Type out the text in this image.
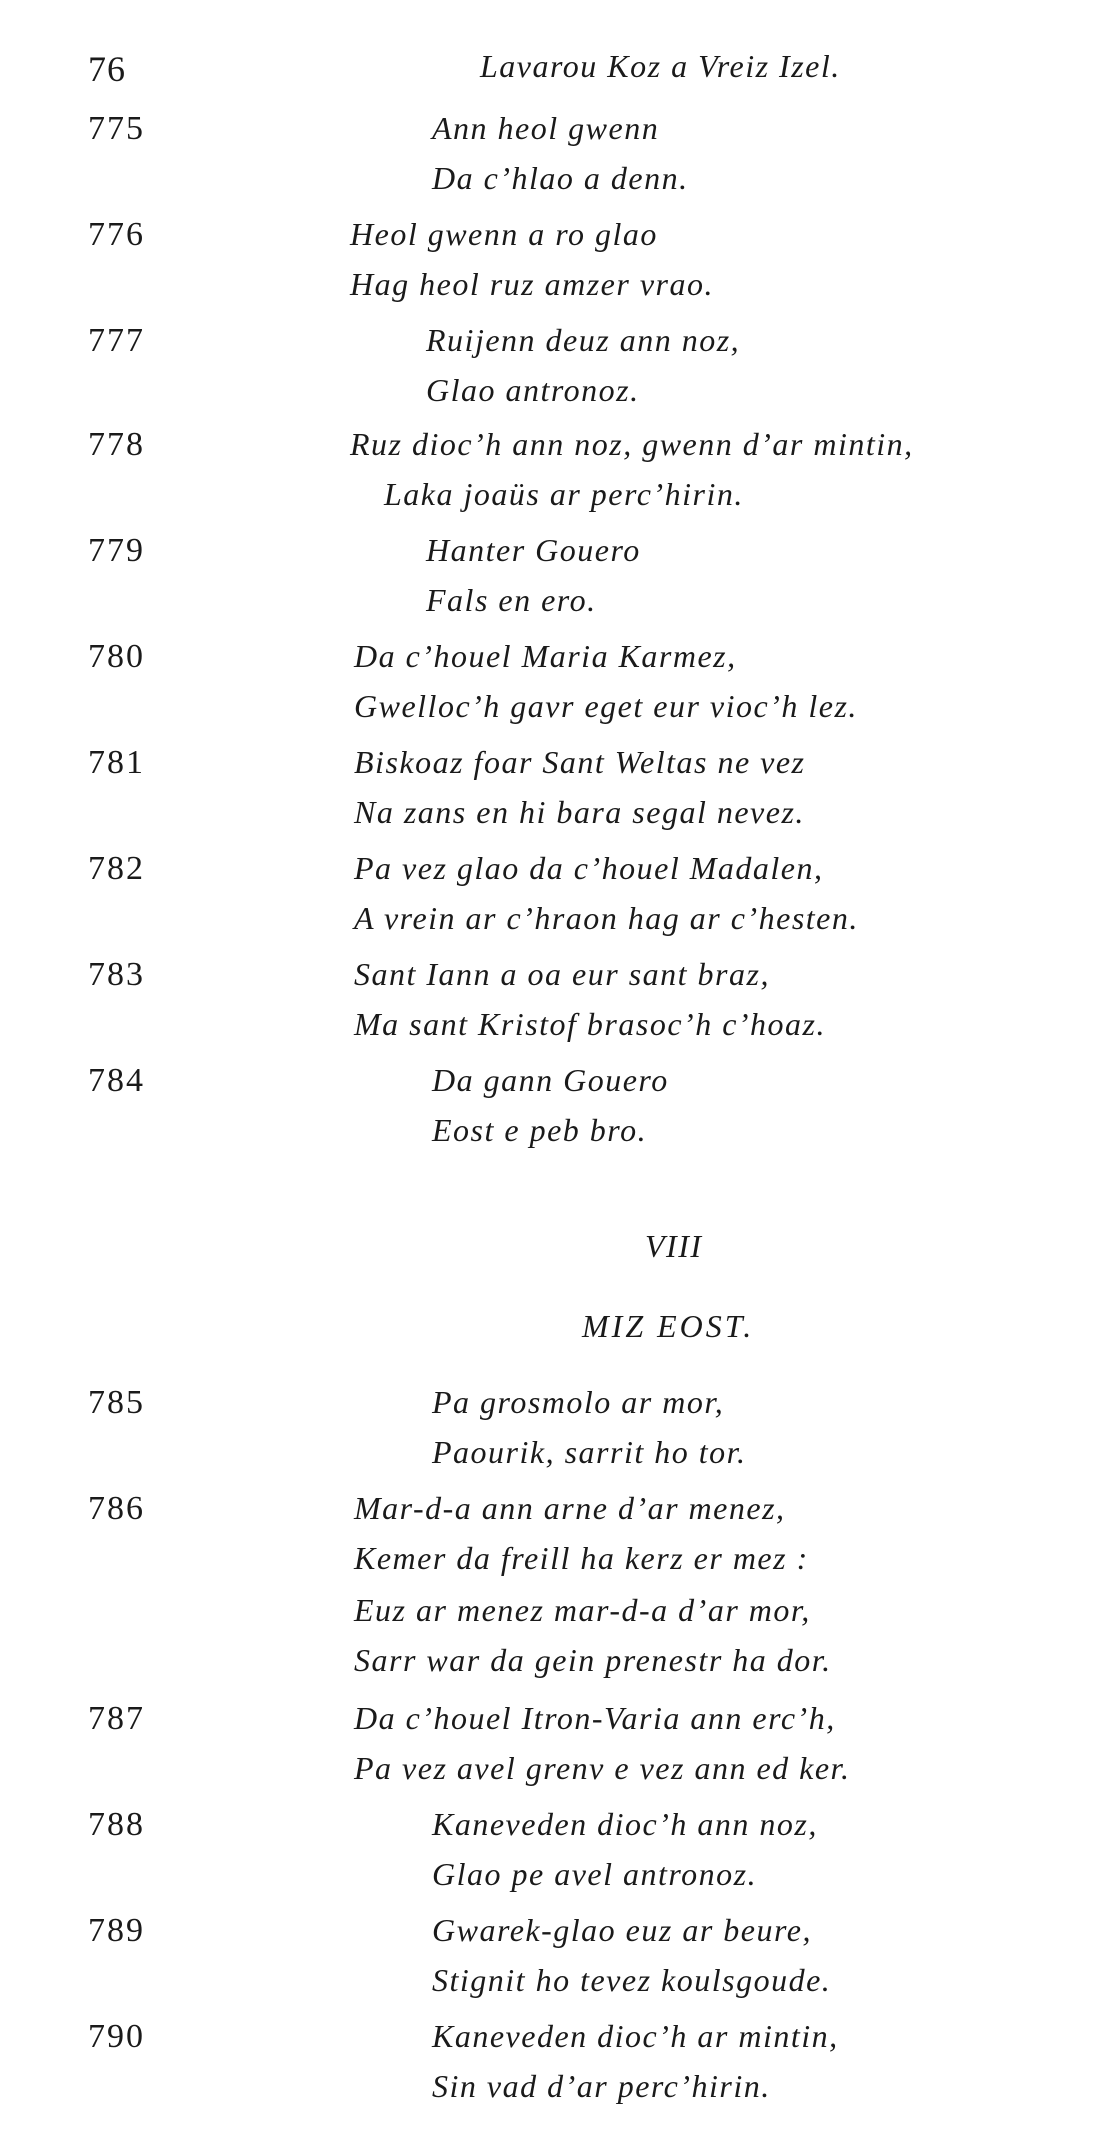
76	Lavarou Koz a Vreiz Izel.
775	Ann heol gwenn
Da c’hlao a denn.
776	Heol gwenn a ro glao
Hag heol ruz amzer vrao.
777	Ruijenn deuz ann noz,
Glao antronoz.
778	Ruz dioc’h ann noz, gwenn d’ar mintin,
Laka joaüs ar perc’hirin.
779	Hanter Gouero
Fals en ero.
780	Da c’houel Maria Karmez,
Gwelloc’h gavr eget eur vioc’h lez.
781	Biskoaz foar Sant Weltas ne vez
Na zans en hi bara segal nevez.
782	Pa vez glao da c’houel Madalen,
A vrein ar c’hraon hag ar c’hesten.
783	Sant Iann a oa eur sant braz,
Ma sant Kristof brasoc’h c’hoaz.
784	Da gann Gouero
Eost e peb bro.
VIII
MIZ EOST.
785	Pa grosmolo ar mor,
Paourik, sarrit ho tor.
786	Mar-d-a ann arne d’ar menez,
Kemer da freill ha kerz er mez :
Euz ar menez mar-d-a d’ar mor,
Sarr war da gein prenestr ha dor.
787	Da c’houel Itron-Varia ann erc’h,
Pa vez avel grenv e vez ann ed ker.
788	Kaneveden dioc’h ann noz,
Glao pe avel antronoz.
789	Gwarek-glao euz ar beure,
Stignit ho tevez koulsgoude.
790	Kaneveden dioc’h ar mintin,
Sin vad d’ar perc’hirin.
